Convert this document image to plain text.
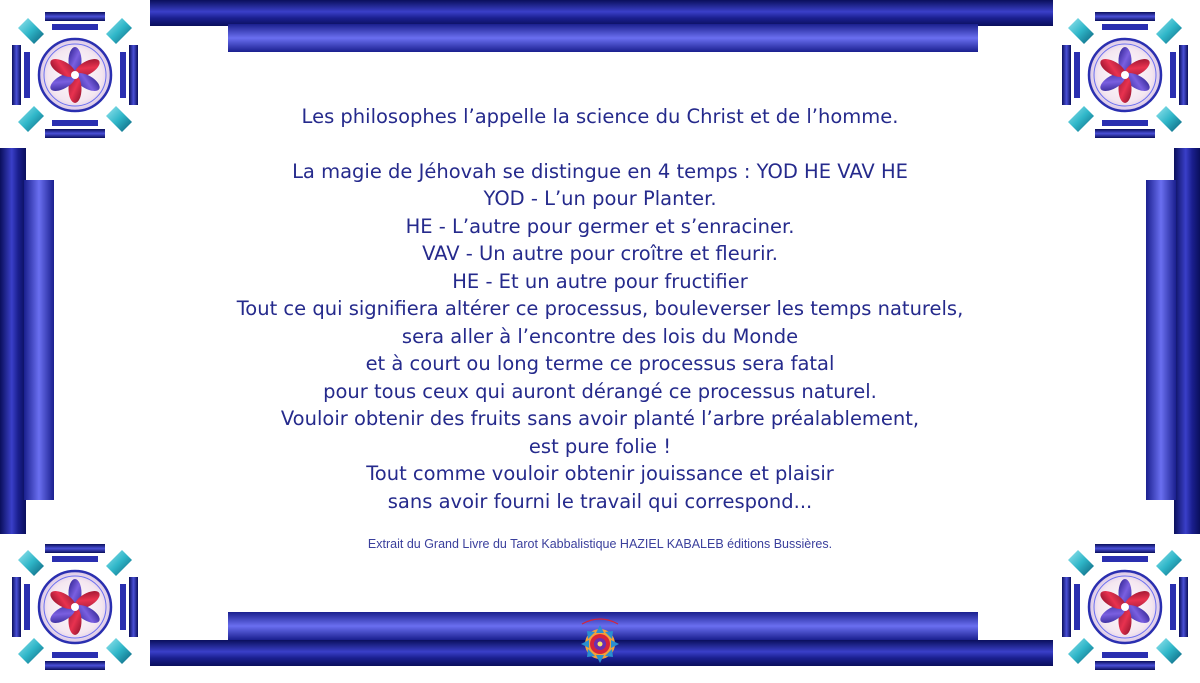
Les philosophes l’appelle la science du Christ et de l’homme.
La magie de Jéhovah se distingue en 4 temps : YOD HE VAV HE
YOD - L’un pour Planter.
HE - L’autre pour germer et s’enraciner.
VAV - Un autre pour croître et fleurir.
HE - Et un autre pour fructifier
Tout ce qui signifiera altérer ce processus, bouleverser les temps naturels,
sera aller à l’encontre des lois du Monde
et à court ou long terme ce processus sera fatal
pour tous ceux qui auront dérangé ce processus naturel.
Vouloir obtenir des fruits sans avoir planté l’arbre préalablement,
est pure folie !
Tout comme vouloir obtenir jouissance et plaisir
sans avoir fourni le travail qui correspond...
Extrait du Grand Livre du Tarot Kabbalistique HAZIEL KABALEB éditions Bussières.
